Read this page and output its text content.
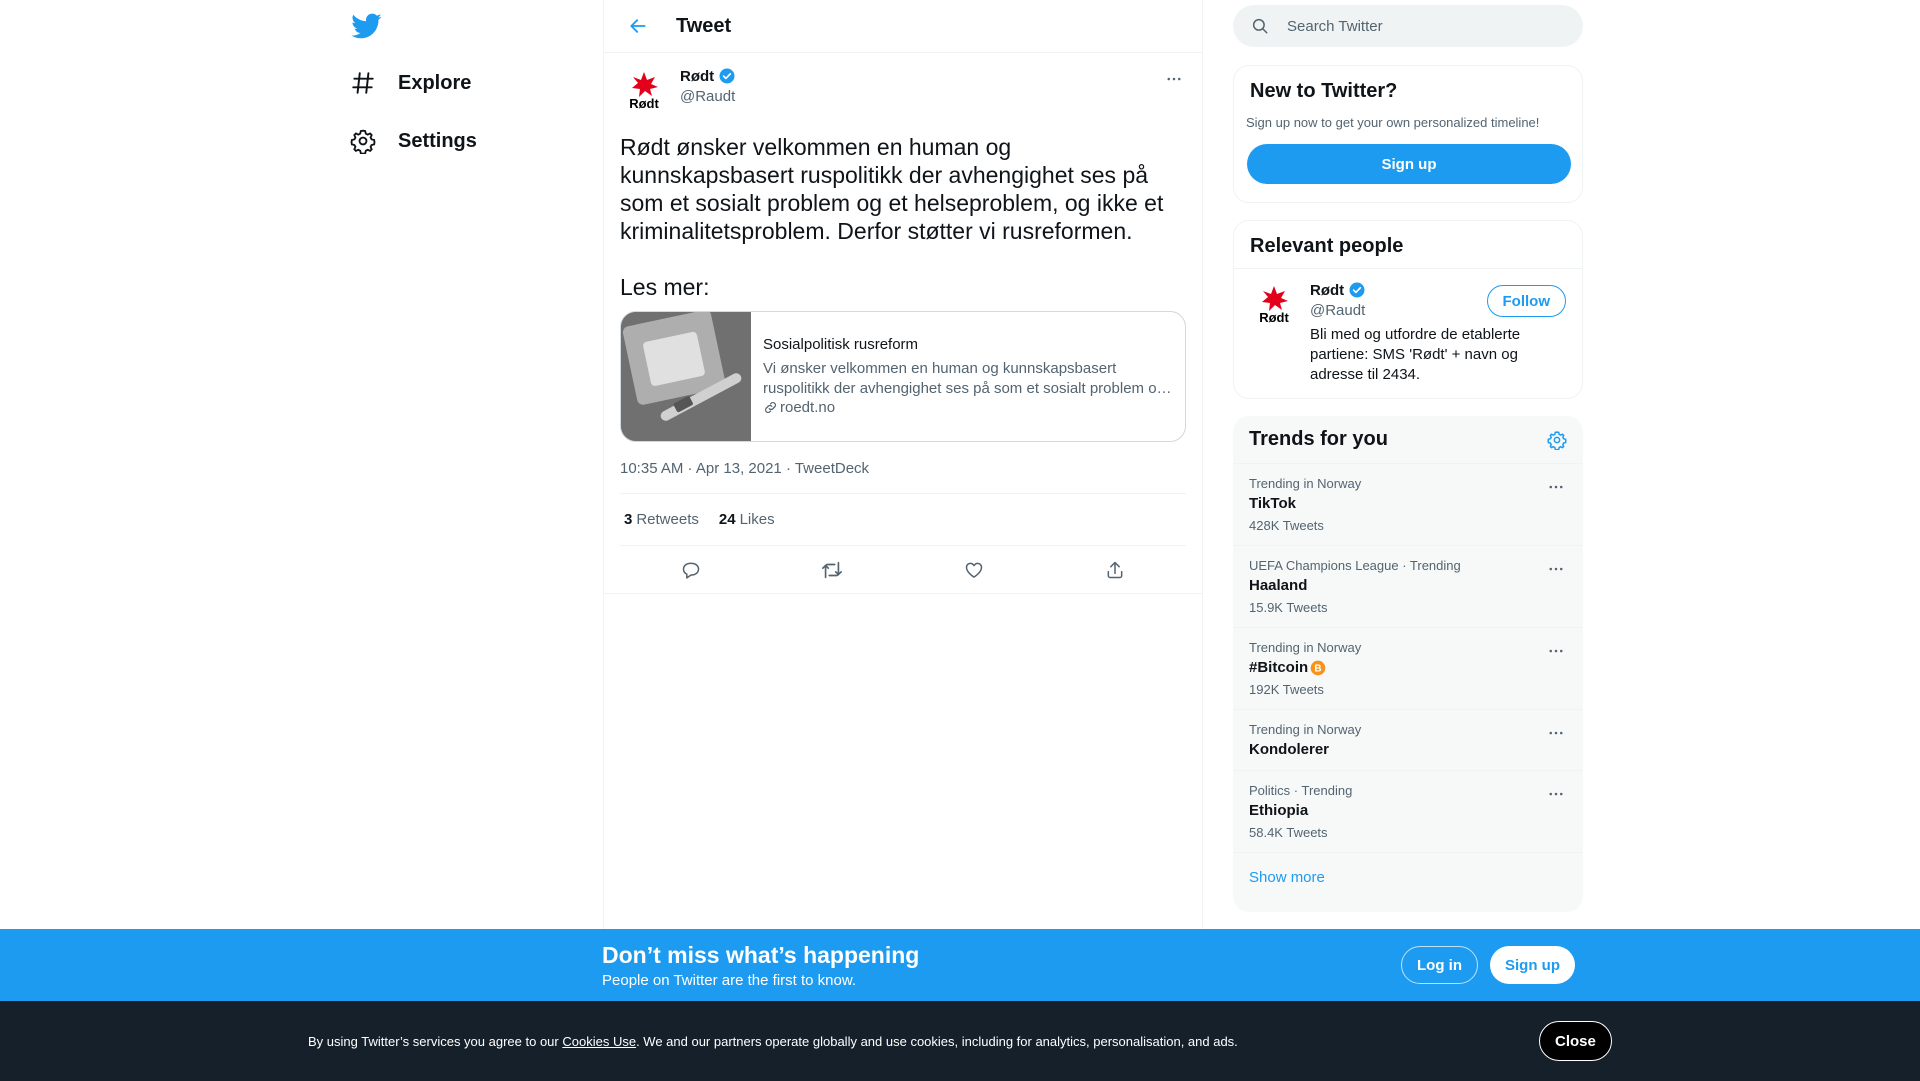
Explore
Settings
Tweet
Rødt
Rødt
@Raudt
Rødt ønsker velkommen en human og kunnskapsbasert ruspolitikk der avhengighet ses på som et sosialt problem og et helseproblem, og ikke et kriminalitetsproblem. Derfor støtter vi rusreformen.
Les mer:
Sosialpolitisk rusreform
Vi ønsker velkommen en human og kunnskapsbasert ruspolitikk der avhengighet ses på som et sosialt problem og
roedt.no
10:35 AM · Apr 13, 2021 · TweetDeck
3 Retweets 24 Likes
Search Twitter
New to Twitter?

Sign up now to get your own personalized timeline!

Sign up
Relevant people
Rødt
Rødt
@Raudt
Bli med og utfordre de etablerte partiene: SMS 'Rødt' + navn og adresse til 2434.
Follow
Trends for you
Trending in Norway
TikTok
428K Tweets
UEFA Champions League · Trending
Haaland
15.9K Tweets
Trending in Norway
#Bitcoin B
192K Tweets
Trending in Norway
Kondolerer
Politics · Trending
Ethiopia
58.4K Tweets
Show more
Don’t miss what’s happening
People on Twitter are the first to know.
Log in	Sign up
By using Twitter’s services you agree to our Cookies Use. We and our partners operate globally and use cookies, including for analytics, personalisation, and ads.	Close
